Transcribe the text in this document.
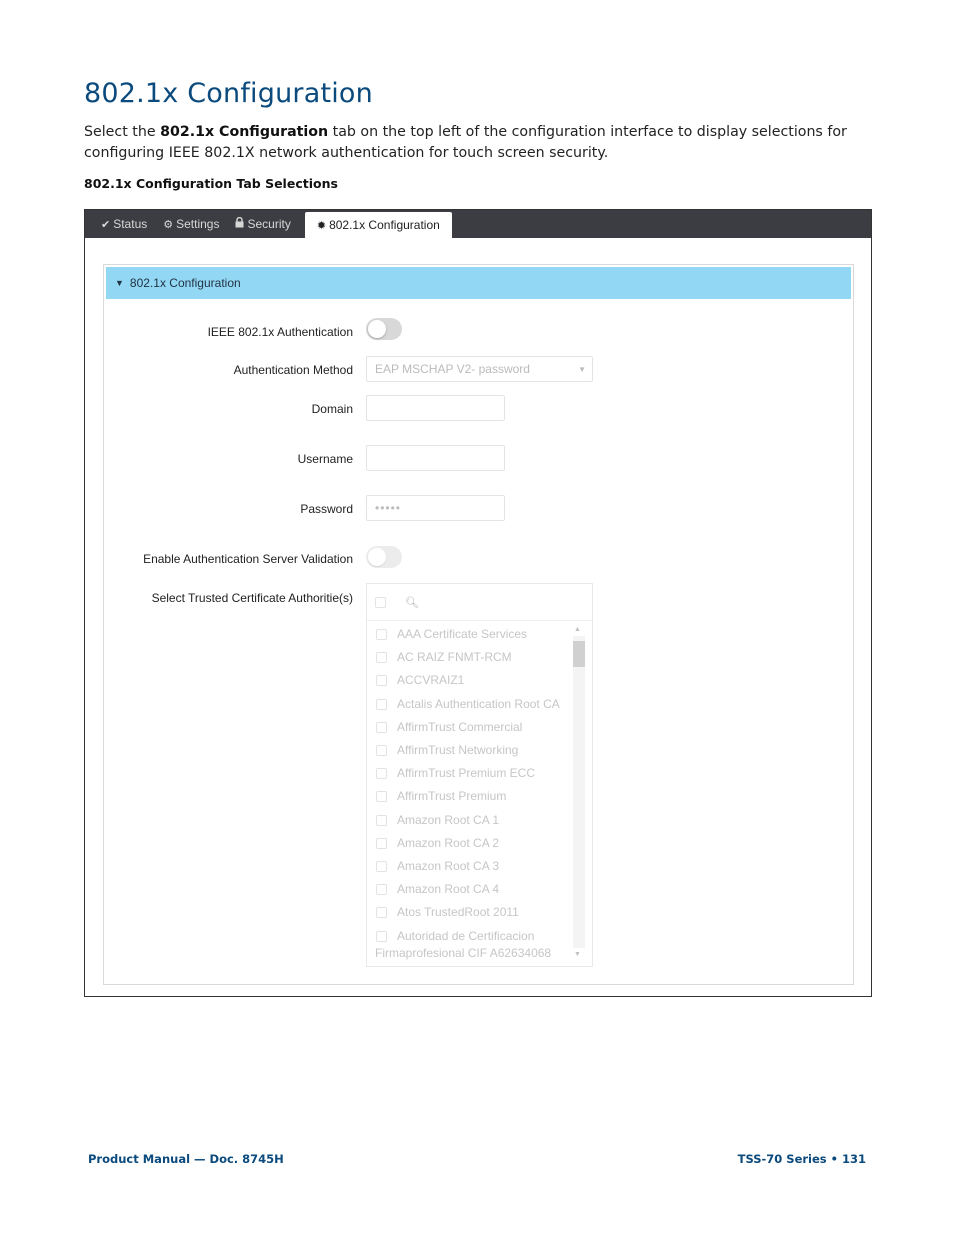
802.1x Configuration

Select the 802.1x Configuration tab on the top left of the configuration interface to display selections for configuring IEEE 802.1X network authentication for touch screen security.

802.1x Configuration Tab Selections

✔ Status ⚙ Settings Security ✹ 802.1x Configuration
▼ 802.1x Configuration
IEEE 802.1x Authentication
Authentication Method EAP MSCHAP V2- password	▼
Domain
Username
Password •••••
Enable Authentication Server Validation
Select Trusted Certificate Authoritie(s)	🔍︎
AAA Certificate Services
AC RAIZ FNMT-RCM
ACCVRAIZ1
Actalis Authentication Root CA
AffirmTrust Commercial
AffirmTrust Networking
AffirmTrust Premium ECC
AffirmTrust Premium
Amazon Root CA 1
Amazon Root CA 2
Amazon Root CA 3
Amazon Root CA 4
Atos TrustedRoot 2011
Autoridad de Certificacion
Firmaprofesional CIF A62634068
▲
▼

Product Manual — Doc. 8745H	TSS-70 Series • 131
